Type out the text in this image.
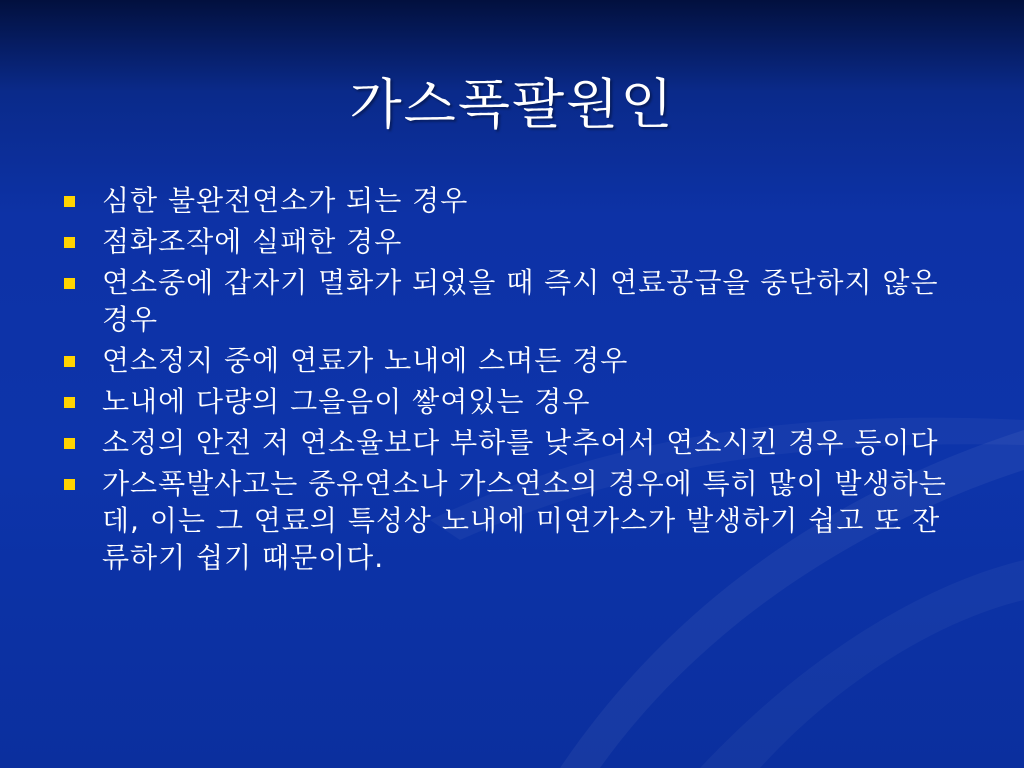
가스폭팔원인
심한 불완전연소가 되는 경우
점화조작에 실패한 경우
연소중에 갑자기 멸화가 되었을 때 즉시 연료공급을 중단하지 않은 경우
연소정지 중에 연료가 노내에 스며든 경우
노내에 다량의 그을음이 쌓여있는 경우
소정의 안전 저 연소율보다 부하를 낮추어서 연소시킨 경우 등이다
가스폭발사고는 중유연소나 가스연소의 경우에 특히 많이 발생하는데, 이는 그 연료의 특성상 노내에 미연가스가 발생하기 쉽고 또 잔류하기 쉽기 때문이다.
